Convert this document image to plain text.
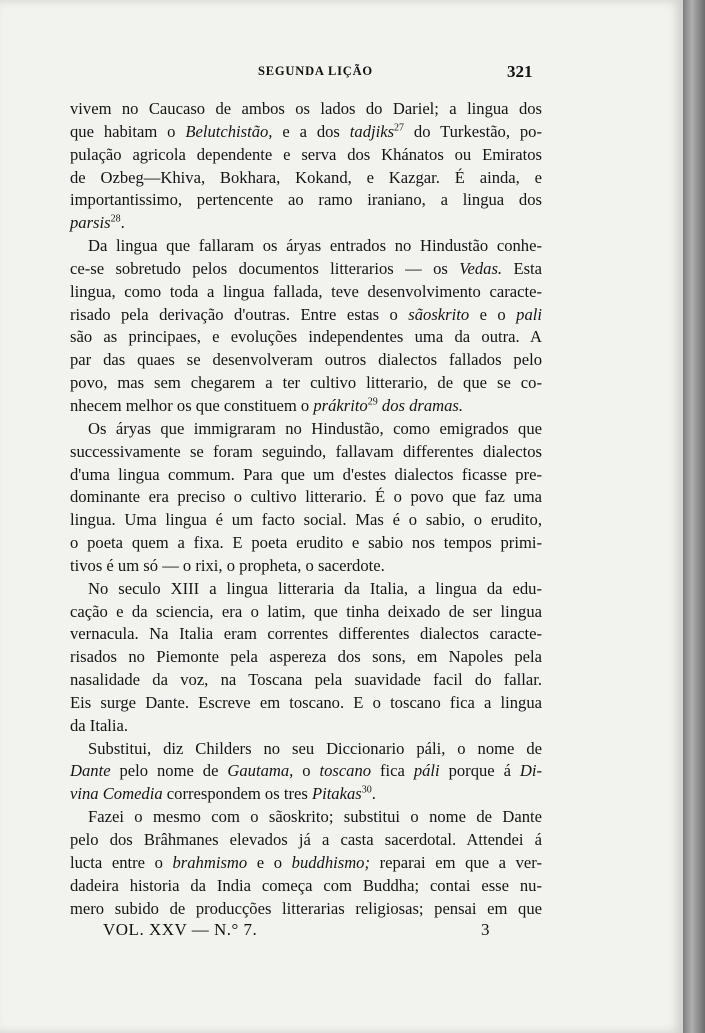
SEGUNDA LIÇÃO	321
vivem no Caucaso de ambos os lados do Dariel; a lingua dos
que habitam o Belutchistão, e a dos tadjiks$^{27}$ do Turkestão, po-
pulação agricola dependente e serva dos Khánatos ou Emiratos
de Ozbeg—Khiva, Bokhara, Kokand, e Kazgar. É ainda, e
importantissimo, pertencente ao ramo iraniano, a lingua dos
parsis$^{28}$.
Da lingua que fallaram os áryas entrados no Hindustão conhe-
ce-se sobretudo pelos documentos litterarios — os Vedas. Esta
lingua, como toda a lingua fallada, teve desenvolvimento caracte-
risado pela derivação d'outras. Entre estas o sãoskrito e o pali
são as principaes, e evoluções independentes uma da outra. A
par das quaes se desenvolveram outros dialectos fallados pelo
povo, mas sem chegarem a ter cultivo litterario, de que se co-
nhecem melhor os que constituem o prákrito$^{29}$ dos dramas.
Os áryas que immigraram no Hindustão, como emigrados que
successivamente se foram seguindo, fallavam differentes dialectos
d'uma lingua commum. Para que um d'estes dialectos ficasse pre-
dominante era preciso o cultivo litterario. É o povo que faz uma
lingua. Uma lingua é um facto social. Mas é o sabio, o erudito,
o poeta quem a fixa. E poeta erudito e sabio nos tempos primi-
tivos é um só — o rixi, o propheta, o sacerdote.
No seculo XIII a lingua litteraria da Italia, a lingua da edu-
cação e da sciencia, era o latim, que tinha deixado de ser lingua
vernacula. Na Italia eram correntes differentes dialectos caracte-
risados no Piemonte pela aspereza dos sons, em Napoles pela
nasalidade da voz, na Toscana pela suavidade facil do fallar.
Eis surge Dante. Escreve em toscano. E o toscano fica a lingua
da Italia.
Substitui, diz Childers no seu Diccionario páli, o nome de
Dante pelo nome de Gautama, o toscano fica páli porque á Di-
vina Comedia correspondem os tres Pitakas$^{30}$.
Fazei o mesmo com o sãoskrito; substitui o nome de Dante
pelo dos Brâhmanes elevados já a casta sacerdotal. Attendei á
lucta entre o brahmismo e o buddhismo; reparai em que a ver-
dadeira historia da India começa com Buddha; contai esse nu-
mero subido de producções litterarias religiosas; pensai em que
VOL. XXV — N.° 7.	3
